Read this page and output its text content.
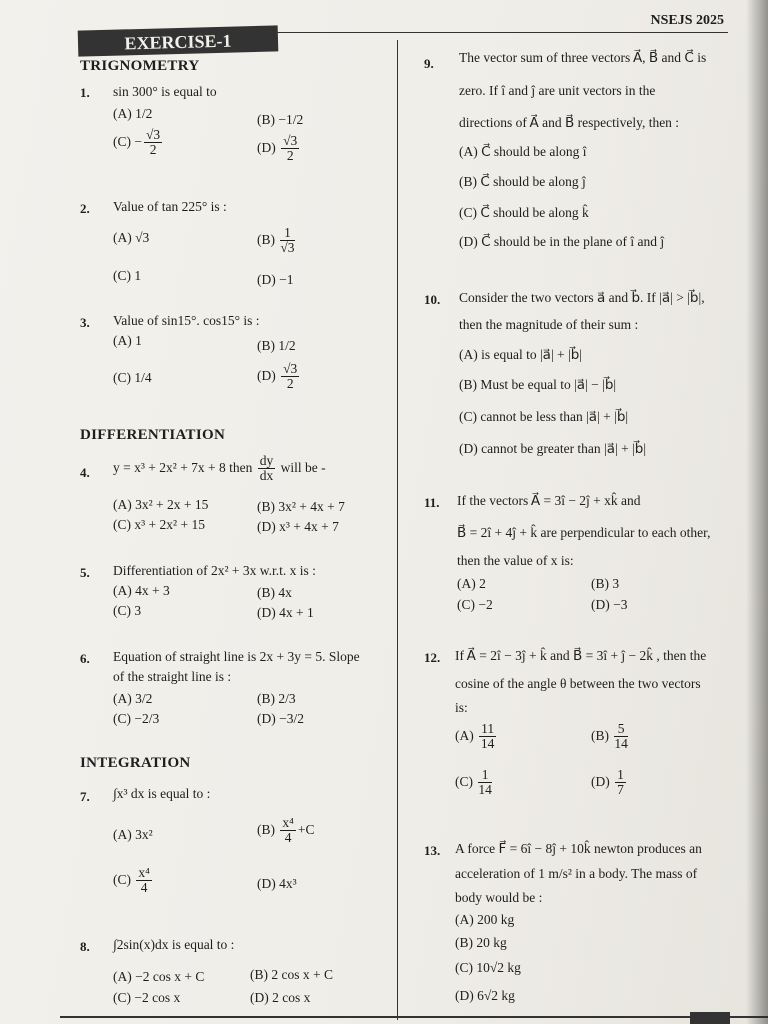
NSEJS 2025
EXERCISE-1
TRIGNOMETRY
1. sin 300° is equal to
(A) 1/2	(B) −1/2
$(C) - \frac{√3}{2}$	$(D) \frac{√3}{2}$
2. Value of tan 225° is :
(A) √3	$(B) \frac{1}{√3}$
(C) 1	(D) −1
3. Value of sin15°. cos15° is :
(A) 1	(B) 1/2
(C) 1/4	$(D) \frac{√3}{2}$
DIFFERENTIATION
4. y = x³ + 2x² + 7x + 8 then $\frac{dy}{dx}$ will be -
(A) 3x² + 2x + 15	(B) 3x² + 4x + 7
(C) x³ + 2x² + 15	(D) x³ + 4x + 7
5. Differentiation of 2x² + 3x w.r.t. x is :
(A) 4x + 3	(B) 4x
(C) 3	(D) 4x + 1
6. Equation of straight line is 2x + 3y = 5. Slope
of the straight line is :
(A) 3/2	(B) 2/3
(C) −2/3	(D) −3/2
INTEGRATION
7. ∫x³ dx is equal to :
(A) 3x²	$(B) \frac{\text{x⁴}}{4} +C$
$(C) \frac{\text{x⁴}}{4}$	(D) 4x³
8. ∫2sin(x)dx is equal to :
(A) −2 cos x + C	(B) 2 cos x + C
(C) −2 cos x	(D) 2 cos x
9. The vector sum of three vectors A⃗, B⃗ and C⃗ is
zero. If î and ĵ are unit vectors in the
directions of A⃗ and B⃗ respectively, then :
(A) C⃗ should be along î
(B) C⃗ should be along ĵ
(C) C⃗ should be along k̂
(D) C⃗ should be in the plane of î and ĵ
10. Consider the two vectors a⃗ and b⃗. If |a⃗| > |b⃗|,
then the magnitude of their sum :
(A) is equal to |a⃗| + |b⃗|
(B) Must be equal to |a⃗| − |b⃗|
(C) cannot be less than |a⃗| + |b⃗|
(D) cannot be greater than |a⃗| + |b⃗|
11. If the vectors A⃗ = 3î − 2ĵ + xk̂ and
B⃗ = 2î + 4ĵ + k̂ are perpendicular to each other,
then the value of x is:
(A) 2	(B) 3
(C) −2	(D) −3
12. If A⃗ = 2î − 3ĵ + k̂ and B⃗ = 3î + ĵ − 2k̂ , then the
cosine of the angle θ between the two vectors
is:
$(A) \frac{11}{14}$	$(B) \frac{5}{14}$
$(C) \frac{1}{14}$	$(D) \frac{1}{7}$
13. A force F⃗ = 6î − 8ĵ + 10k̂ newton produces an
acceleration of 1 m/s² in a body. The mass of
body would be :
(A) 200 kg
(B) 20 kg
(C) 10√2 kg
(D) 6√2 kg
